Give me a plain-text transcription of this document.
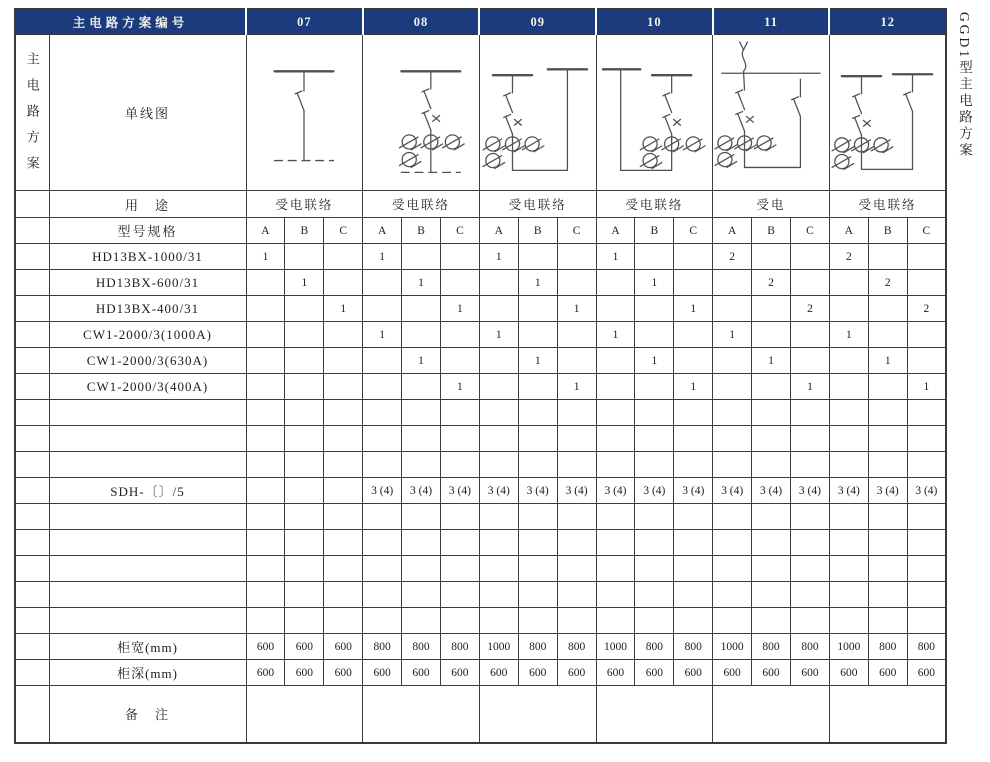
主电路方案编号		07			08			09			10			11			12		

主电路方案	单线图	

	用　途	受电联络			受电联络			受电联络			受电联络			受电			受电联络		
	型号规格	A	B	C	A	B	C	A	B	C	A	B	C	A	B	C	A	B	C
	HD13BX-1000/31	1			1			1			1			2			2		
	HD13BX-600/31		1			1			1			1			2			2	
	HD13BX-400/31			1			1			1			1			2			2
	CW1-2000/3(1000A)				1			1			1			1			1		
	CW1-2000/3(630A)					1			1			1			1			1	
	CW1-2000/3(400A)						1			1			1			1			1

	SDH-〔〕/5				3 (4)	3 (4)	3 (4)	3 (4)	3 (4)	3 (4)	3 (4)	3 (4)	3 (4)	3 (4)	3 (4)	3 (4)	3 (4)	3 (4)	3 (4)

	柜宽(mm)	600	600	600	800	800	800	1000	800	800	1000	800	800	1000	800	800	1000	800	800
	柜深(mm)	600	600	600	600	600	600	600	600	600	600	600	600	600	600	600	600	600	600
	备　注																		
GGD1型主电路方案
